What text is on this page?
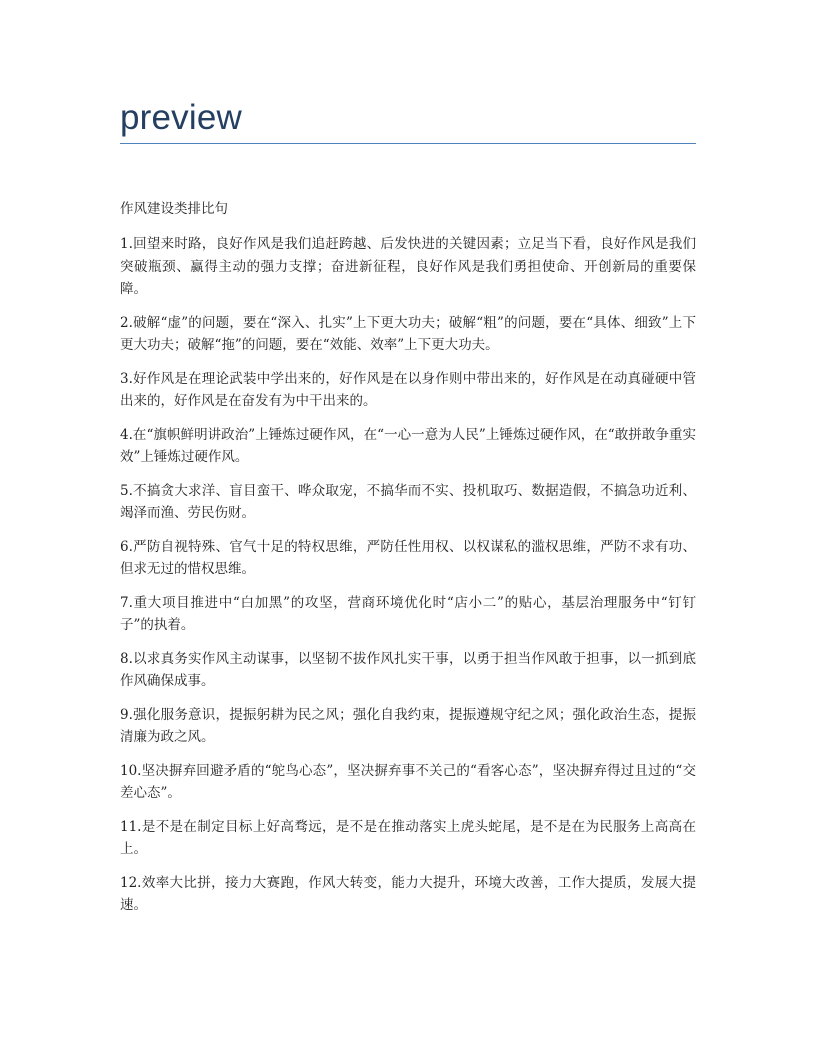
preview

作风建设类排比句

1.回望来时路，良好作风是我们追赶跨越、后发快进的关键因素；立足当下看，良好作风是我们突破瓶颈、赢得主动的强力支撑；奋进新征程，良好作风是我们勇担使命、开创新局的重要保障。

2.破解“虚”的问题，要在“深入、扎实”上下更大功夫；破解“粗”的问题，要在“具体、细致”上下更大功夫；破解“拖”的问题，要在“效能、效率”上下更大功夫。

3.好作风是在理论武装中学出来的，好作风是在以身作则中带出来的，好作风是在动真碰硬中管出来的，好作风是在奋发有为中干出来的。

4.在“旗帜鲜明讲政治”上锤炼过硬作风，在“一心一意为人民”上锤炼过硬作风，在“敢拼敢争重实效”上锤炼过硬作风。

5.不搞贪大求洋、盲目蛮干、哗众取宠，不搞华而不实、投机取巧、数据造假，不搞急功近利、竭泽而渔、劳民伤财。

6.严防自视特殊、官气十足的特权思维，严防任性用权、以权谋私的滥权思维，严防不求有功、但求无过的惜权思维。

7.重大项目推进中“白加黑”的攻坚，营商环境优化时“店小二”的贴心，基层治理服务中“钉钉子”的执着。

8.以求真务实作风主动谋事，以坚韧不拔作风扎实干事，以勇于担当作风敢于担事，以一抓到底作风确保成事。

9.强化服务意识，提振躬耕为民之风；强化自我约束，提振遵规守纪之风；强化政治生态，提振清廉为政之风。

10.坚决摒弃回避矛盾的“鸵鸟心态”，坚决摒弃事不关己的“看客心态”，坚决摒弃得过且过的“交差心态”。

11.是不是在制定目标上好高骛远，是不是在推动落实上虎头蛇尾，是不是在为民服务上高高在上。

12.效率大比拼，接力大赛跑，作风大转变，能力大提升，环境大改善，工作大提质，发展大提速。
